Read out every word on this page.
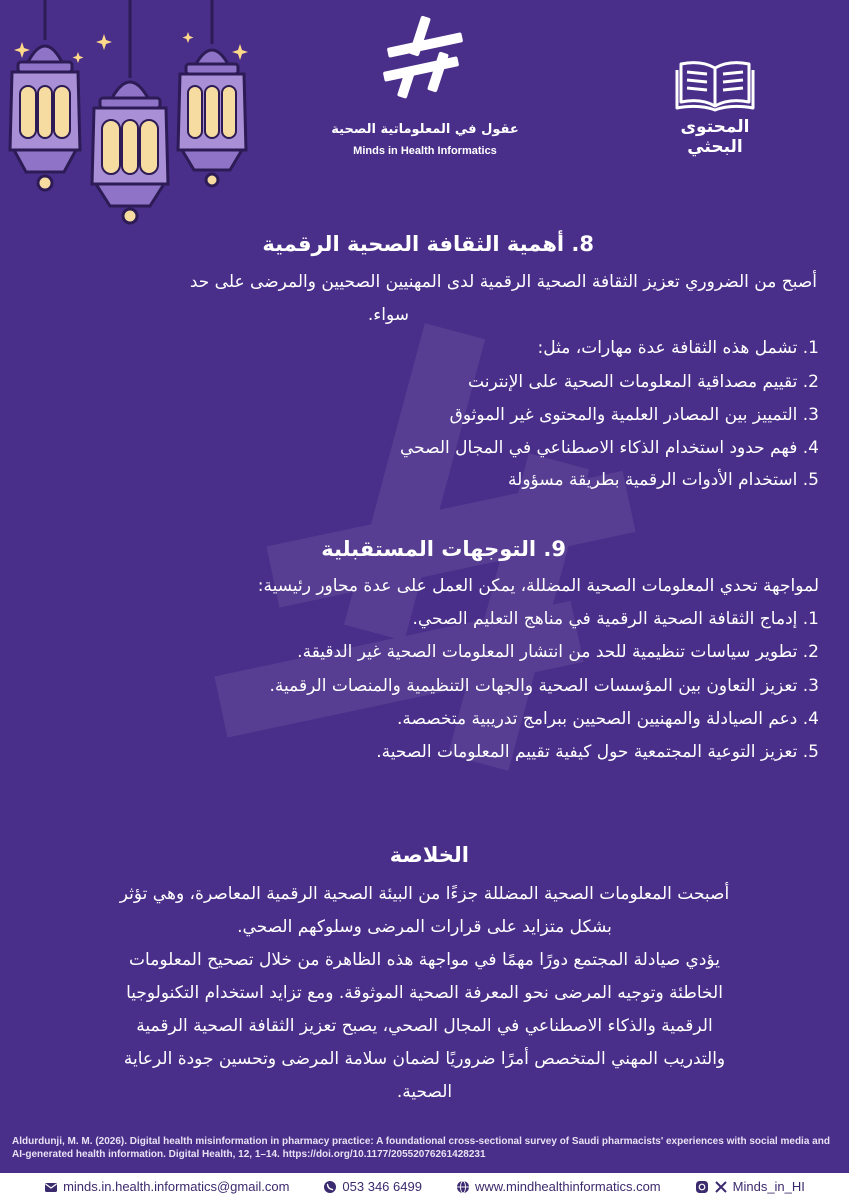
عقول في المعلوماتية الصحية
Minds in Health Informatics
المحتوى البحثي
8. أهمية الثقافة الصحية الرقمية
أصبح من الضروري تعزيز الثقافة الصحية الرقمية لدى المهنيين الصحيين والمرضى على حد
سواء.
1. تشمل هذه الثقافة عدة مهارات، مثل:
2. تقييم مصداقية المعلومات الصحية على الإنترنت
3. التمييز بين المصادر العلمية والمحتوى غير الموثوق
4. فهم حدود استخدام الذكاء الاصطناعي في المجال الصحي
5. استخدام الأدوات الرقمية بطريقة مسؤولة
9. التوجهات المستقبلية
لمواجهة تحدي المعلومات الصحية المضللة، يمكن العمل على عدة محاور رئيسية:
1. إدماج الثقافة الصحية الرقمية في مناهج التعليم الصحي.
2. تطوير سياسات تنظيمية للحد من انتشار المعلومات الصحية غير الدقيقة.
3. تعزيز التعاون بين المؤسسات الصحية والجهات التنظيمية والمنصات الرقمية.
4. دعم الصيادلة والمهنيين الصحيين ببرامج تدريبية متخصصة.
5. تعزيز التوعية المجتمعية حول كيفية تقييم المعلومات الصحية.
الخلاصة
أصبحت المعلومات الصحية المضللة جزءًا من البيئة الصحية الرقمية المعاصرة، وهي تؤثر
بشكل متزايد على قرارات المرضى وسلوكهم الصحي.
يؤدي صيادلة المجتمع دورًا مهمًا في مواجهة هذه الظاهرة من خلال تصحيح المعلومات
الخاطئة وتوجيه المرضى نحو المعرفة الصحية الموثوقة. ومع تزايد استخدام التكنولوجيا
الرقمية والذكاء الاصطناعي في المجال الصحي، يصبح تعزيز الثقافة الصحية الرقمية
والتدريب المهني المتخصص أمرًا ضروريًا لضمان سلامة المرضى وتحسين جودة الرعاية
الصحية.
Aldurdunji, M. M. (2026). Digital health misinformation in pharmacy practice: A foundational cross-sectional survey of Saudi pharmacists' experiences with social media and AI-generated health information. Digital Health, 12, 1–14. https://doi.org/10.1177/20552076261428231
minds.in.health.informatics@gmail.com	053 346 6499	www.mindhealthinformatics.com	Minds_in_HI
